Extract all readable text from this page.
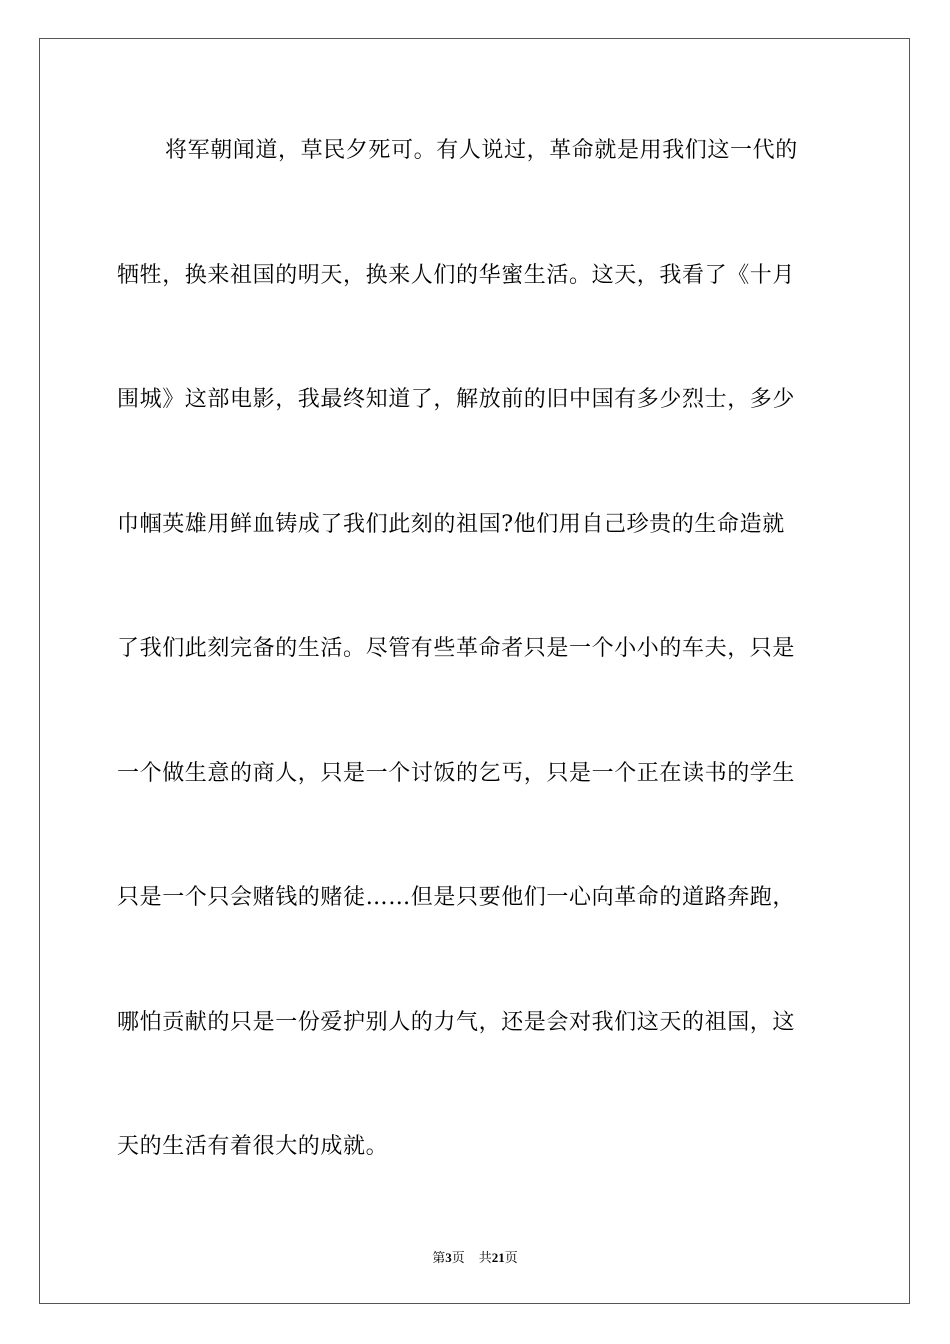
将军朝闻道，草民夕死可。有人说过，革命就是用我们这一代的
牺牲，换来祖国的明天，换来人们的华蜜生活。这天，我看了《十月
围城》这部电影，我最终知道了，解放前的旧中国有多少烈士，多少
巾帼英雄用鲜血铸成了我们此刻的祖国?他们用自己珍贵的生命造就
了我们此刻完备的生活。尽管有些革命者只是一个小小的车夫，只是
一个做生意的商人，只是一个讨饭的乞丐，只是一个正在读书的学生
只是一个只会赌钱的赌徒……但是只要他们一心向革命的道路奔跑，
哪怕贡献的只是一份爱护别人的力气，还是会对我们这天的祖国，这
天的生活有着很大的成就。
第3页 共21页
